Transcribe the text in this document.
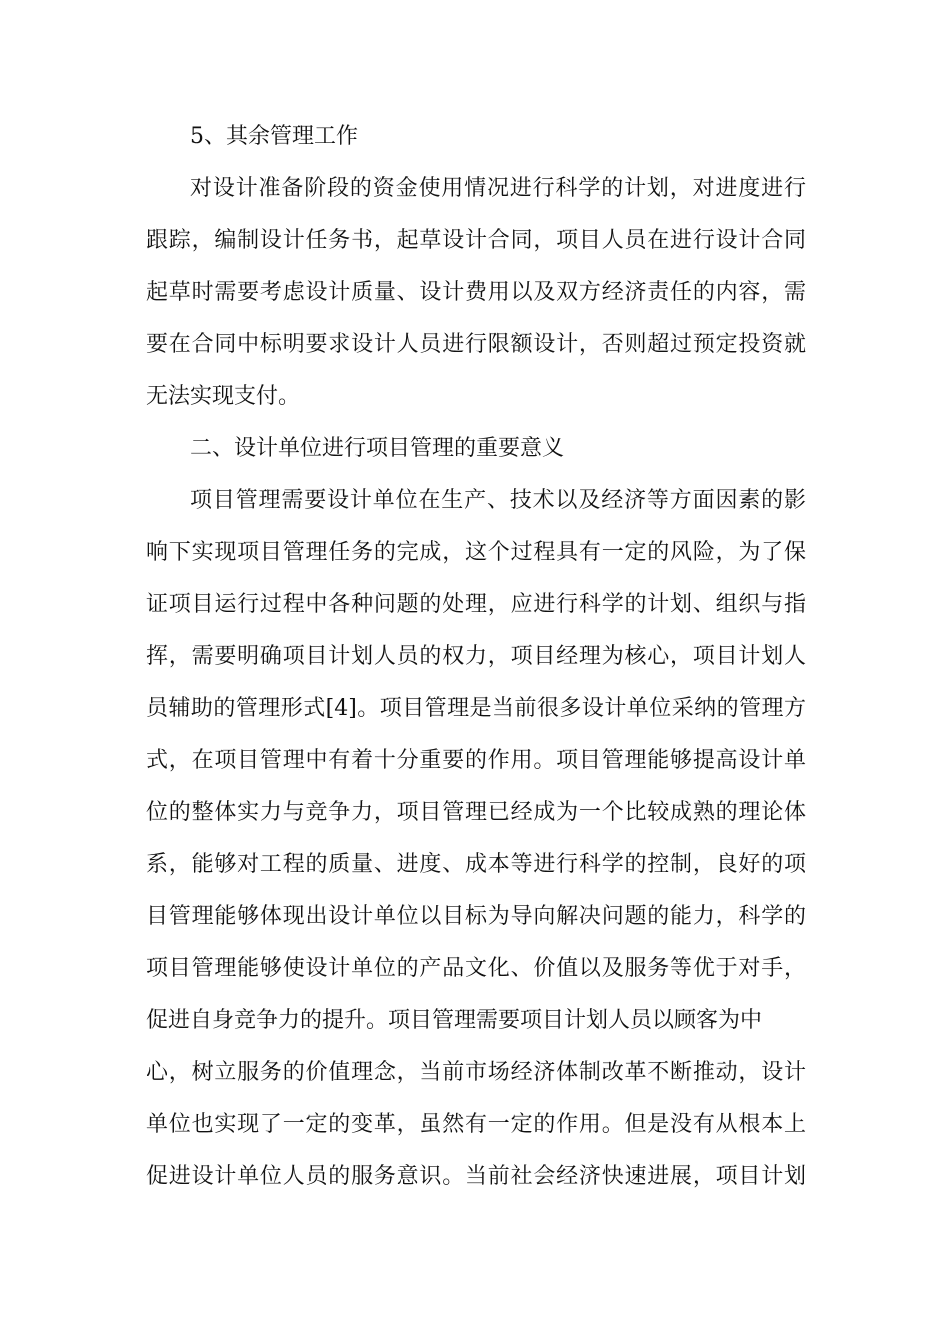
5、其余管理工作
对设计准备阶段的资金使用情况进行科学的计划，对进度进行
跟踪，编制设计任务书，起草设计合同，项目人员在进行设计合同
起草时需要考虑设计质量、设计费用以及双方经济责任的内容，需
要在合同中标明要求设计人员进行限额设计，否则超过预定投资就
无法实现支付。
二、设计单位进行项目管理的重要意义
项目管理需要设计单位在生产、技术以及经济等方面因素的影
响下实现项目管理任务的完成，这个过程具有一定的风险，为了保
证项目运行过程中各种问题的处理，应进行科学的计划、组织与指
挥，需要明确项目计划人员的权力，项目经理为核心，项目计划人
员辅助的管理形式[4]。项目管理是当前很多设计单位采纳的管理方
式，在项目管理中有着十分重要的作用。项目管理能够提高设计单
位的整体实力与竞争力，项目管理已经成为一个比较成熟的理论体
系，能够对工程的质量、进度、成本等进行科学的控制，良好的项
目管理能够体现出设计单位以目标为导向解决问题的能力，科学的
项目管理能够使设计单位的产品文化、价值以及服务等优于对手，
促进自身竞争力的提升。项目管理需要项目计划人员以顾客为中
心，树立服务的价值理念，当前市场经济体制改革不断推动，设计
单位也实现了一定的变革，虽然有一定的作用。但是没有从根本上
促进设计单位人员的服务意识。当前社会经济快速进展，项目计划
